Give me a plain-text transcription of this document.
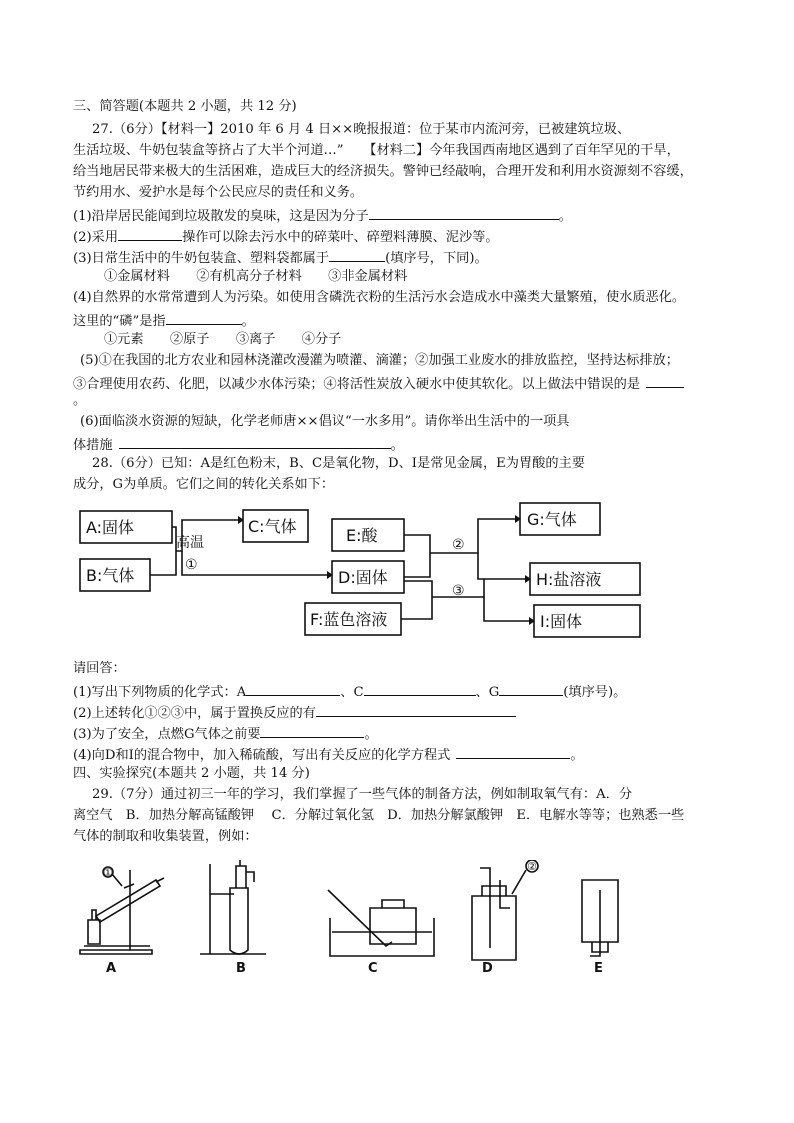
三、简答题(本题共 2 小题，共 12 分)
27.（6分）【材料一】2010 年 6 月 4 日××晚报报道：位于某市内流河旁，已被建筑垃圾、
生活垃圾、牛奶包装盒等挤占了大半个河道…”　　【材料二】今年我国西南地区遇到了百年罕见的干旱，
给当地居民带来极大的生活困难，造成巨大的经济损失。警钟已经敲响，合理开发和利用水资源刻不容缓，
节约用水、爱护水是每个公民应尽的责任和义务。
(1)沿岸居民能闻到垃圾散发的臭味，这是因为分子	。
(2)采用	操作可以除去污水中的碎菜叶、碎塑料薄膜、泥沙等。
(3)日常生活中的牛奶包装盒、塑料袋都属于	(填序号，下同)。
①金属材料　　②有机高分子材料　　③非金属材料
(4)自然界的水常常遭到人为污染。如使用含磷洗衣粉的生活污水会造成水中藻类大量繁殖，使水质恶化。
这里的“磷”是指	。
①元素　　②原子　　③离子　　④分子
(5)①在我国的北方农业和园林浇灌改漫灌为喷灌、滴灌；②加强工业废水的排放监控，坚持达标排放；
③合理使用农药、化肥，以减少水体污染；④将活性炭放入硬水中使其软化。以上做法中错误的是
。
(6)面临淡水资源的短缺，化学老师唐××倡议“一水多用”。请你举出生活中的一项具
体措施	。
28.（6分）已知：A是红色粉末，B、C是氧化物，D、I是常见金属，E为胃酸的主要
成分，G为单质。它们之间的转化关系如下：
A:固体
B:气体
C:气体	E:酸
D:固体
F:蓝色溶液
G:气体
H:盐溶液
I:固体
高温
①
②
③
请回答：
(1)写出下列物质的化学式：A	、C	、G	(填序号)。
(2)上述转化①②③中，属于置换反应的有
(3)为了安全，点燃G气体之前要	。
(4)向D和I的混合物中，加入稀硫酸，写出有关反应的化学方程式	。
四、实验探究(本题共 2 小题，共 14 分)
29.（7分）通过初三一年的学习，我们掌握了一些气体的制备方法，例如制取氧气有：A．分
离空气　B．加热分解高锰酸钾　 C．分解过氧化氢　D．加热分解氯酸钾　E．电解水等等；也熟悉一些
气体的制取和收集装置，例如：
A	B	C	D	E
①	②
